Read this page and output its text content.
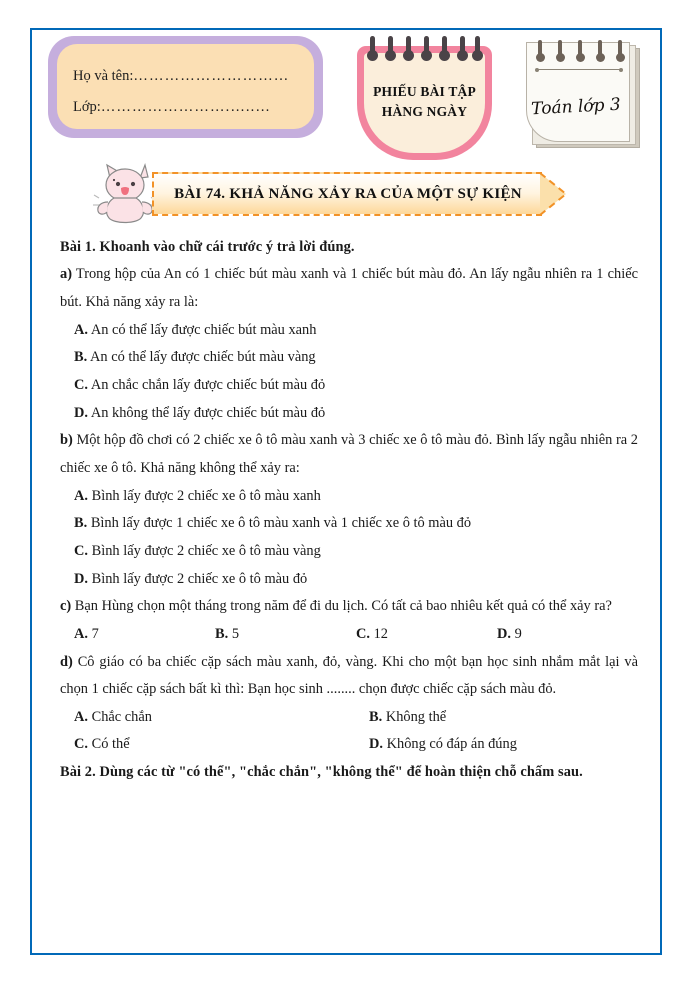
Họ và tên:…………………………
Lớp:…………………….…..…
PHIẾU BÀI TẬP
HÀNG NGÀY	Toán lớp 3
BÀI 74. KHẢ NĂNG XẢY RA CỦA MỘT SỰ KIỆN

Bài 1. Khoanh vào chữ cái trước ý trả lời đúng.

a) Trong hộp của An có 1 chiếc bút màu xanh và 1 chiếc bút màu đỏ. An lấy ngẫu nhiên ra 1 chiếc bút. Khả năng xảy ra là:

A. An có thể lấy được chiếc bút màu xanh
B. An có thể lấy được chiếc bút màu vàng
C. An chắc chắn lấy được chiếc bút màu đỏ
D. An không thể lấy được chiếc bút màu đỏ

b) Một hộp đồ chơi có 2 chiếc xe ô tô màu xanh và 3 chiếc xe ô tô màu đỏ. Bình lấy ngẫu nhiên ra 2 chiếc xe ô tô. Khả năng không thể xảy ra:

A. Bình lấy được 2 chiếc xe ô tô màu xanh
B. Bình lấy được 1 chiếc xe ô tô màu xanh và 1 chiếc xe ô tô màu đỏ
C. Bình lấy được 2 chiếc xe ô tô màu vàng
D. Bình lấy được 2 chiếc xe ô tô màu đỏ

c) Bạn Hùng chọn một tháng trong năm để đi du lịch. Có tất cả bao nhiêu kết quả có thể xảy ra?

A. 7	B. 5	C. 12	D. 9

d) Cô giáo có ba chiếc cặp sách màu xanh, đỏ, vàng. Khi cho một bạn học sinh nhắm mắt lại và chọn 1 chiếc cặp sách bất kì thì: Bạn học sinh ........ chọn được chiếc cặp sách màu đỏ.

A. Chắc chắn	B. Không thể
C. Có thể	D. Không có đáp án đúng

Bài 2. Dùng các từ "có thể", "chắc chắn", "không thể" để hoàn thiện chỗ chấm sau.
